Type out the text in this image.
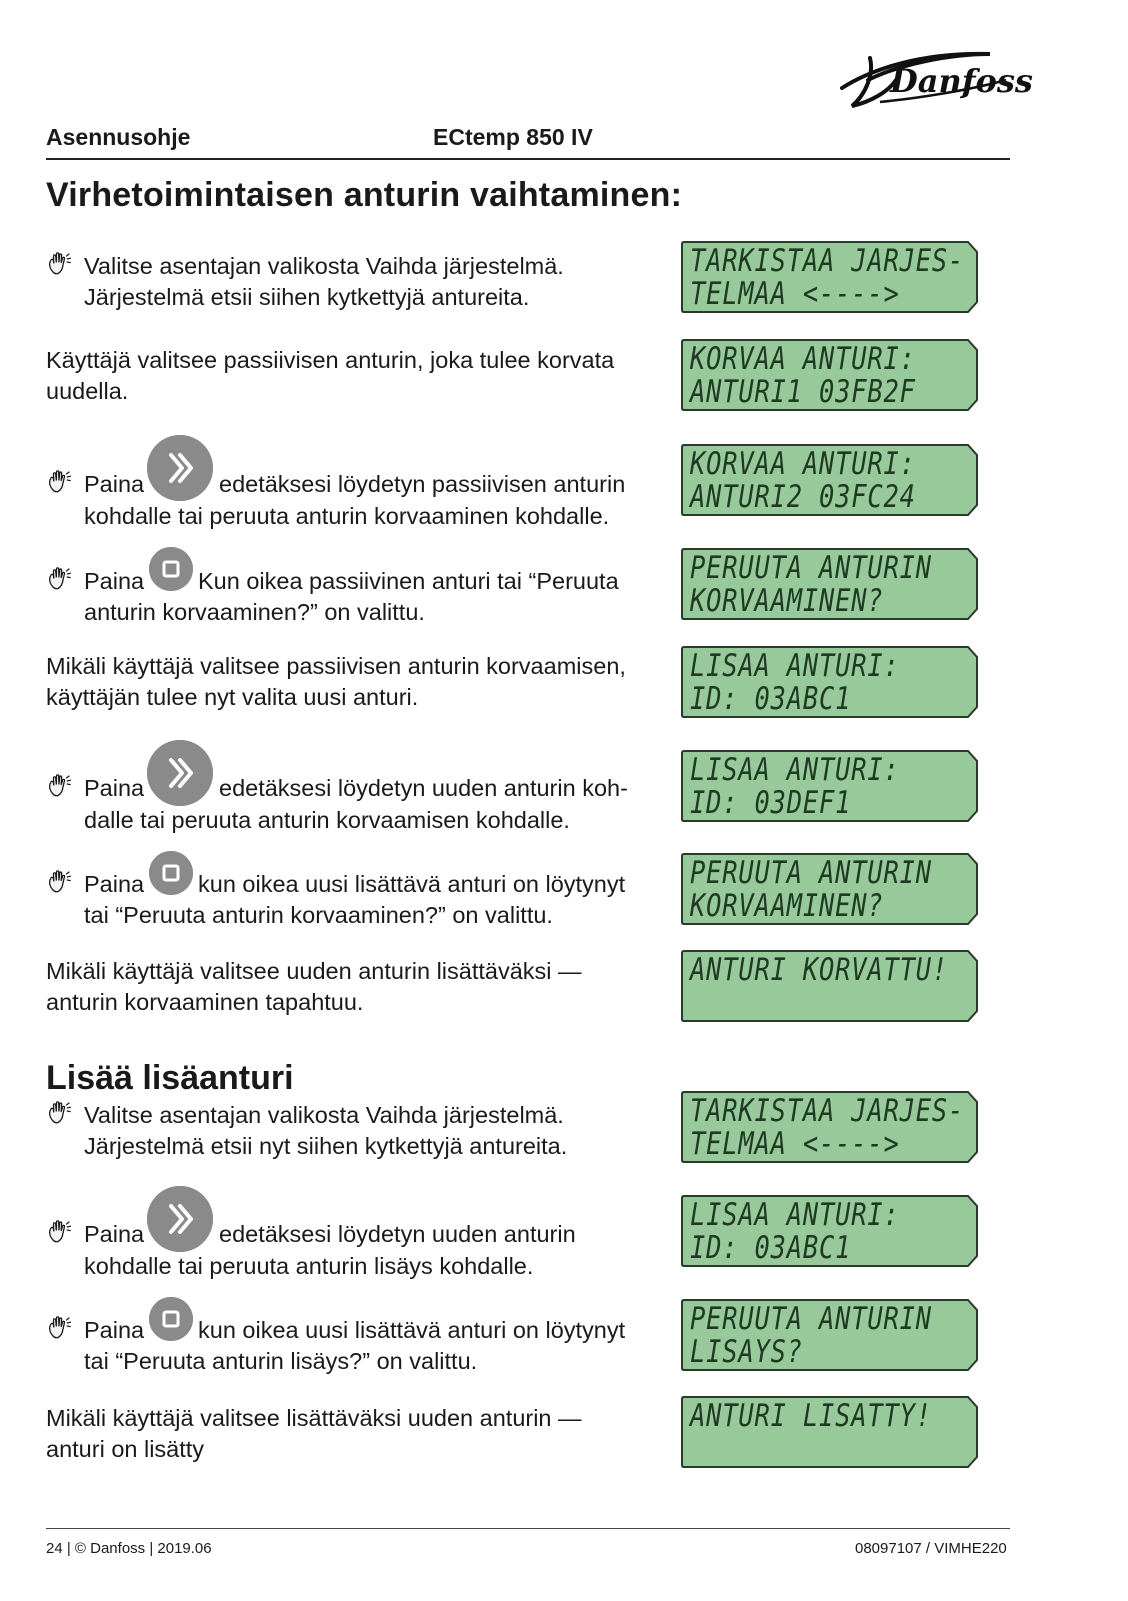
Danfoss
Asennusohje	ECtemp 850 IV
Virhetoimintaisen anturin vaihtaminen:
Valitse asentajan valikosta Vaihda järjestelmä.
Järjestelmä etsii siihen kytkettyjä antureita.
Käyttäjä valitsee passiivisen anturin, joka tulee korvata
uudella.
Paina	edetäksesi löydetyn passiivisen anturin
kohdalle tai peruuta anturin korvaaminen kohdalle.
Paina Kun oikea passiivinen anturi tai “Peruuta
anturin korvaaminen?” on valittu.
Mikäli käyttäjä valitsee passiivisen anturin korvaamisen,
käyttäjän tulee nyt valita uusi anturi.
Paina	edetäksesi löydetyn uuden anturin koh-
dalle tai peruuta anturin korvaamisen kohdalle.
Paina kun oikea uusi lisättävä anturi on löytynyt
tai “Peruuta anturin korvaaminen?” on valittu.
Mikäli käyttäjä valitsee uuden anturin lisättäväksi —
anturin korvaaminen tapahtuu.
Lisää lisäanturi
Valitse asentajan valikosta Vaihda järjestelmä.
Järjestelmä etsii nyt siihen kytkettyjä antureita.
Paina	edetäksesi löydetyn uuden anturin
kohdalle tai peruuta anturin lisäys kohdalle.
Paina kun oikea uusi lisättävä anturi on löytynyt
tai “Peruuta anturin lisäys?” on valittu.
Mikäli käyttäjä valitsee lisättäväksi uuden anturin —
anturi on lisätty
TARKISTAA JARJES-
TELMAA <---->
KORVAA ANTURI:
ANTURI1 03FB2F
KORVAA ANTURI:
ANTURI2 03FC24
PERUUTA ANTURIN
KORVAAMINEN?
LISAA ANTURI:
ID: 03ABC1
LISAA ANTURI:
ID: 03DEF1
PERUUTA ANTURIN
KORVAAMINEN?
ANTURI KORVATTU!
TARKISTAA JARJES-
TELMAA <---->
LISAA ANTURI:
ID: 03ABC1
PERUUTA ANTURIN
LISAYS?
ANTURI LISATTY!
24 | © Danfoss | 2019.06	08097107 / VIMHE220
